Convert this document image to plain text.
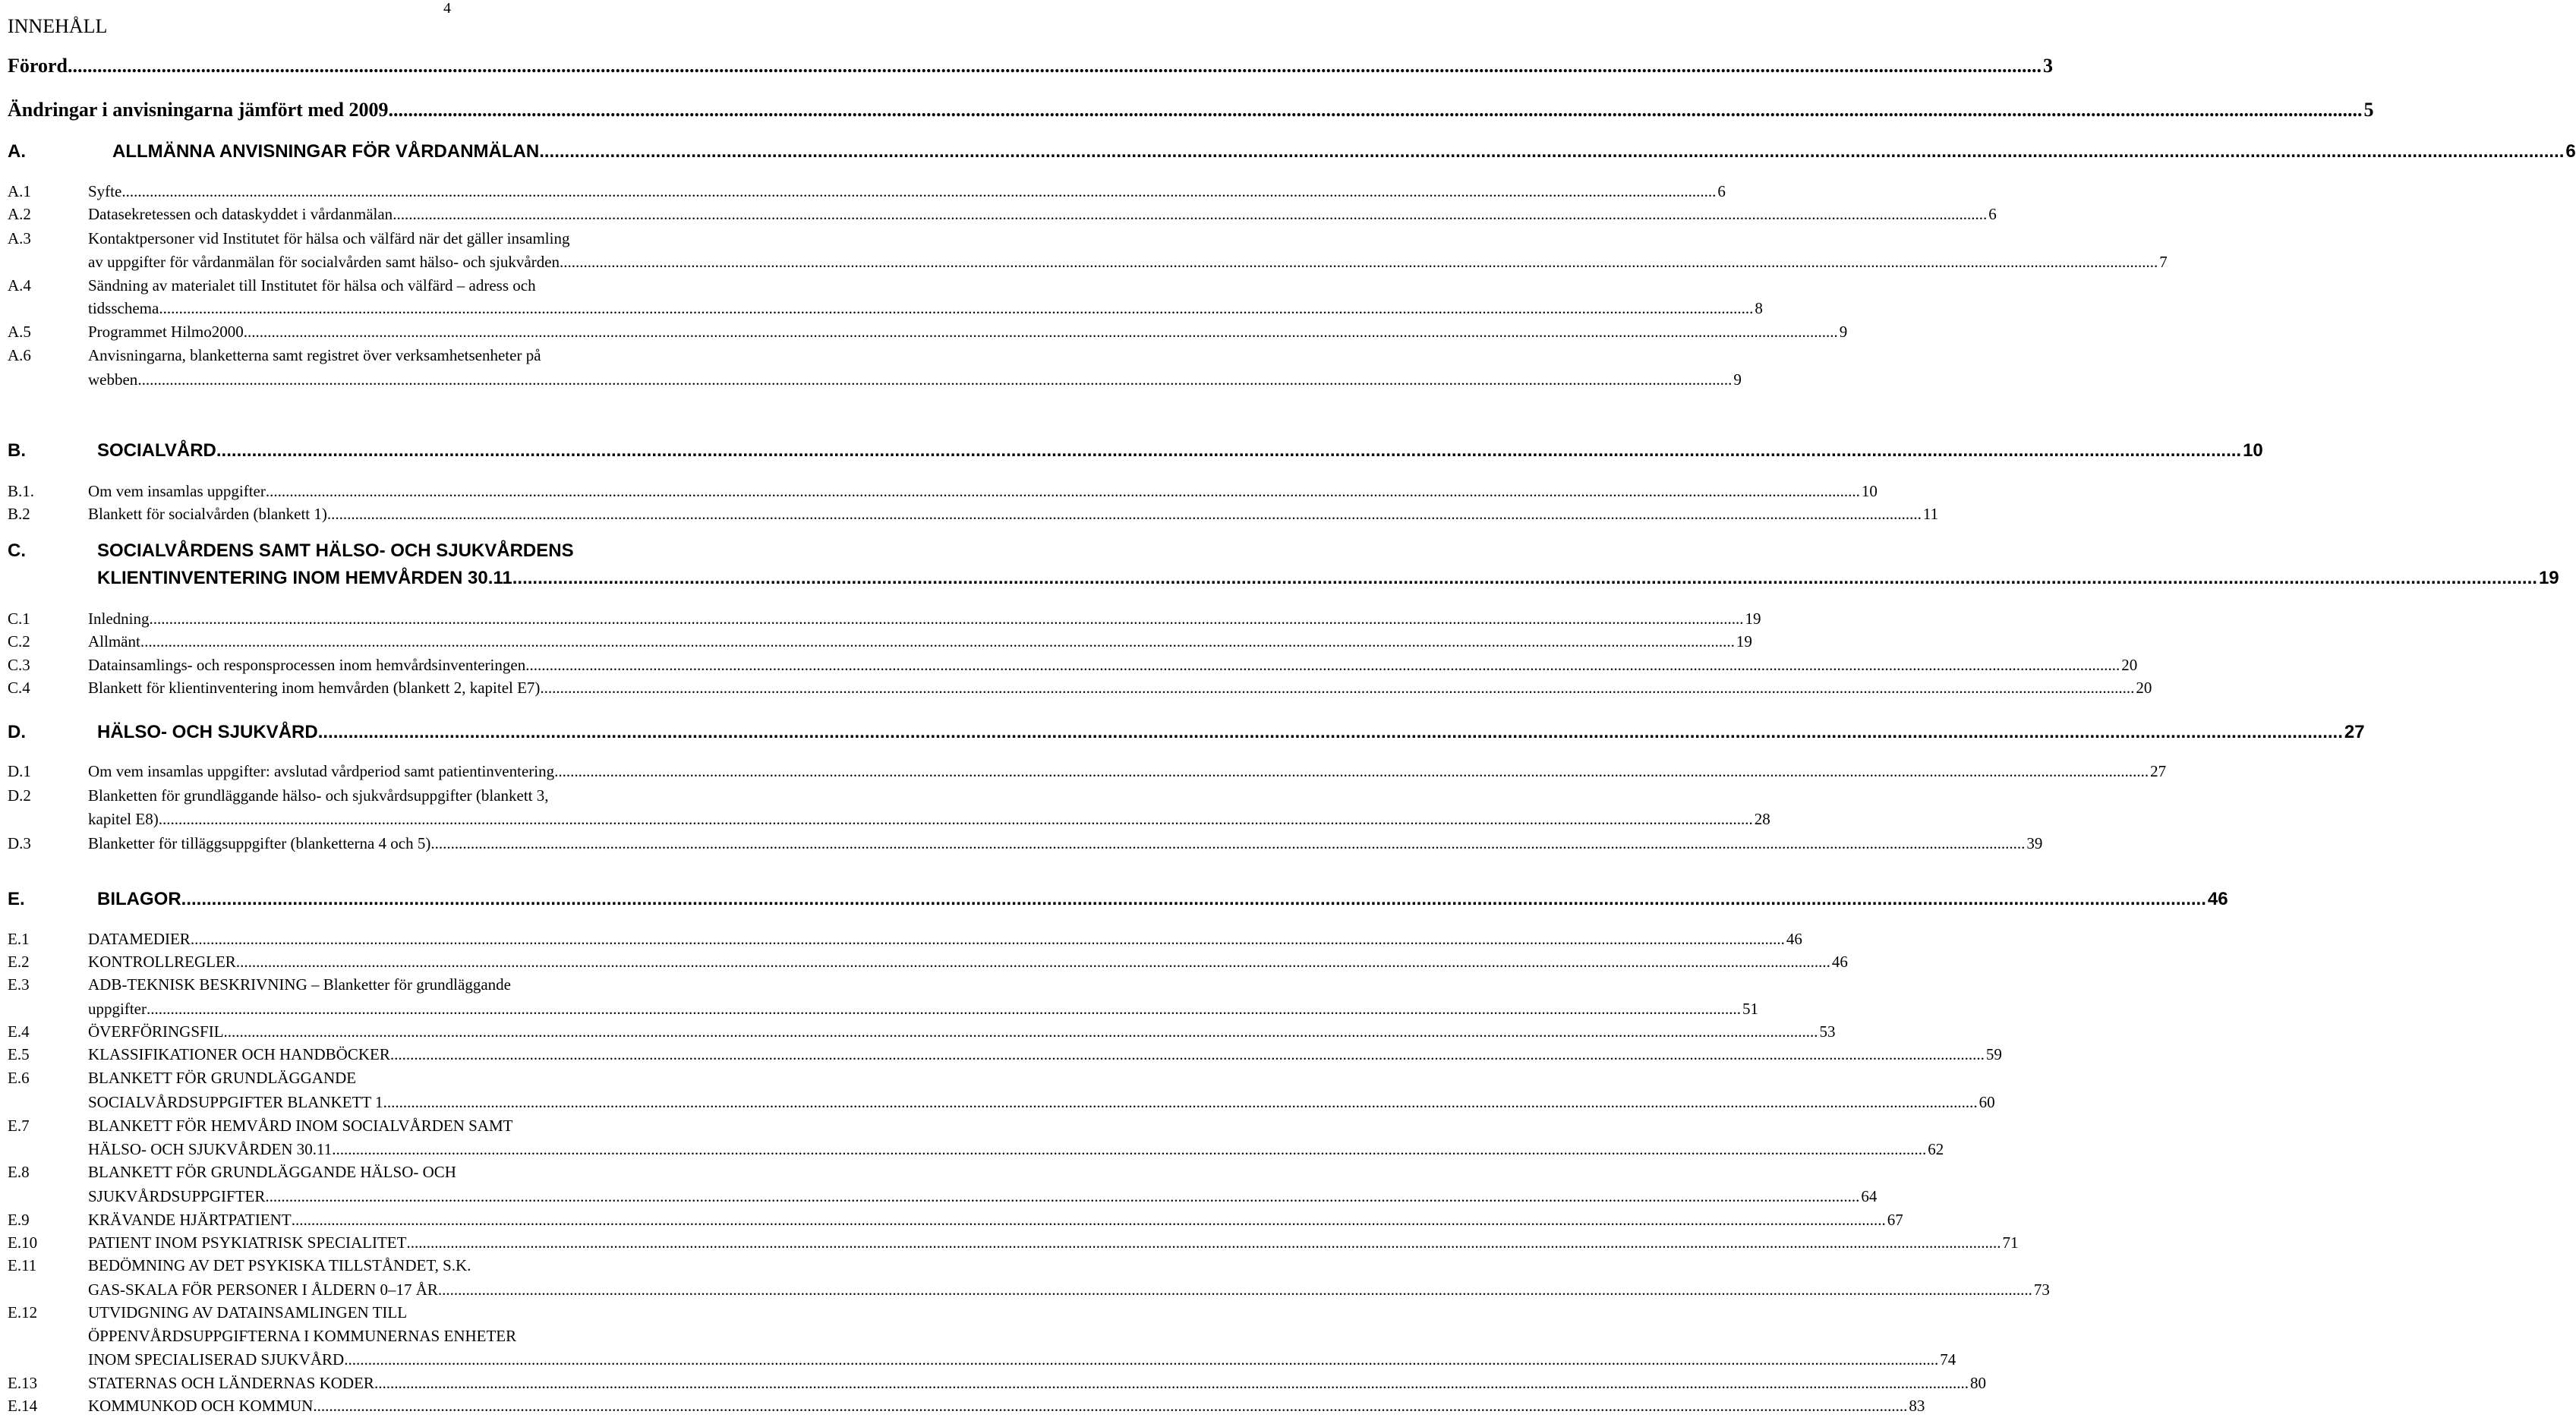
4
INNEHÅLL
Förord ................................................................................................................................................................................................................................................................................................................................................................................................................ 3
Ändringar i anvisningarna jämfört med 2009 ................................................................................................................................................................................................................................................................................................................................................................................................................ 5
A.	ALLMÄNNA ANVISNINGAR FÖR VÅRDANMÄLAN ................................................................................................................................................................................................................................................................................................................................................................................................................ 6
A.1	Syfte ................................................................................................................................................................................................................................................................................................................................................................................................................ 6
A.2	Datasekretessen och dataskyddet i vårdanmälan ................................................................................................................................................................................................................................................................................................................................................................................................................ 6
A.3	Kontaktpersoner vid Institutet för hälsa och välfärd när det gäller insamling
av uppgifter för vårdanmälan för socialvården samt hälso- och sjukvården. ................................................................................................................................................................................................................................................................................................................................................................................................................ 7
A.4	Sändning av materialet till Institutet för hälsa och välfärd – adress och
tidsschema ................................................................................................................................................................................................................................................................................................................................................................................................................ 8
A.5	Programmet Hilmo2000 ................................................................................................................................................................................................................................................................................................................................................................................................................ 9
A.6	Anvisningarna, blanketterna samt registret över verksamhetsenheter på
webben ................................................................................................................................................................................................................................................................................................................................................................................................................ 9
B.	SOCIALVÅRD ................................................................................................................................................................................................................................................................................................................................................................................................................ 10
B.1.	Om vem insamlas uppgifter ................................................................................................................................................................................................................................................................................................................................................................................................................ 10
B.2	Blankett för socialvården (blankett 1) ................................................................................................................................................................................................................................................................................................................................................................................................................ 11
C.	SOCIALVÅRDENS SAMT HÄLSO- OCH SJUKVÅRDENS
KLIENTINVENTERING INOM HEMVÅRDEN 30.11 ................................................................................................................................................................................................................................................................................................................................................................................................................ 19
C.1	Inledning ................................................................................................................................................................................................................................................................................................................................................................................................................ 19
C.2	Allmänt ................................................................................................................................................................................................................................................................................................................................................................................................................ 19
C.3	Datainsamlings- och responsprocessen inom hemvårdsinventeringen ................................................................................................................................................................................................................................................................................................................................................................................................................ 20
C.4	Blankett för klientinventering inom hemvården (blankett 2, kapitel E7) ................................................................................................................................................................................................................................................................................................................................................................................................................ 20
D.	HÄLSO- OCH SJUKVÅRD ................................................................................................................................................................................................................................................................................................................................................................................................................ 27
D.1	Om vem insamlas uppgifter: avslutad vårdperiod samt patientinventering ................................................................................................................................................................................................................................................................................................................................................................................................................ 27
D.2	Blanketten för grundläggande hälso- och sjukvårdsuppgifter (blankett 3,
kapitel E8) ................................................................................................................................................................................................................................................................................................................................................................................................................ 28
D.3	Blanketter för tilläggsuppgifter (blanketterna 4 och 5) ................................................................................................................................................................................................................................................................................................................................................................................................................ 39
E.	BILAGOR ................................................................................................................................................................................................................................................................................................................................................................................................................ 46
E.1	DATAMEDIER ................................................................................................................................................................................................................................................................................................................................................................................................................ 46
E.2	KONTROLLREGLER ................................................................................................................................................................................................................................................................................................................................................................................................................ 46
E.3	ADB-TEKNISK BESKRIVNING – Blanketter för grundläggande
uppgifter ................................................................................................................................................................................................................................................................................................................................................................................................................ 51
E.4	ÖVERFÖRINGSFIL ................................................................................................................................................................................................................................................................................................................................................................................................................ 53
E.5	KLASSIFIKATIONER OCH HANDBÖCKER ................................................................................................................................................................................................................................................................................................................................................................................................................ 59
E.6	BLANKETT FÖR GRUNDLÄGGANDE
SOCIALVÅRDSUPPGIFTER BLANKETT 1 ................................................................................................................................................................................................................................................................................................................................................................................................................ 60
E.7	BLANKETT FÖR HEMVÅRD INOM SOCIALVÅRDEN SAMT
HÄLSO- OCH SJUKVÅRDEN 30.11 ................................................................................................................................................................................................................................................................................................................................................................................................................ 62
E.8	BLANKETT FÖR GRUNDLÄGGANDE HÄLSO- OCH
SJUKVÅRDSUPPGIFTER ................................................................................................................................................................................................................................................................................................................................................................................................................ 64
E.9	KRÄVANDE HJÄRTPATIENT ................................................................................................................................................................................................................................................................................................................................................................................................................ 67
E.10	PATIENT INOM PSYKIATRISK SPECIALITET ................................................................................................................................................................................................................................................................................................................................................................................................................ 71
E.11	BEDÖMNING AV DET PSYKISKA TILLSTÅNDET, S.K.
GAS-SKALA FÖR PERSONER I ÅLDERN 0–17 ÅR ................................................................................................................................................................................................................................................................................................................................................................................................................ 73
E.12	UTVIDGNING AV DATAINSAMLINGEN TILL
ÖPPENVÅRDSUPPGIFTERNA I KOMMUNERNAS ENHETER
INOM SPECIALISERAD SJUKVÅRD ................................................................................................................................................................................................................................................................................................................................................................................................................ 74
E.13	STATERNAS OCH LÄNDERNAS KODER ................................................................................................................................................................................................................................................................................................................................................................................................................ 80
E.14	KOMMUNKOD OCH KOMMUN ................................................................................................................................................................................................................................................................................................................................................................................................................ 83
